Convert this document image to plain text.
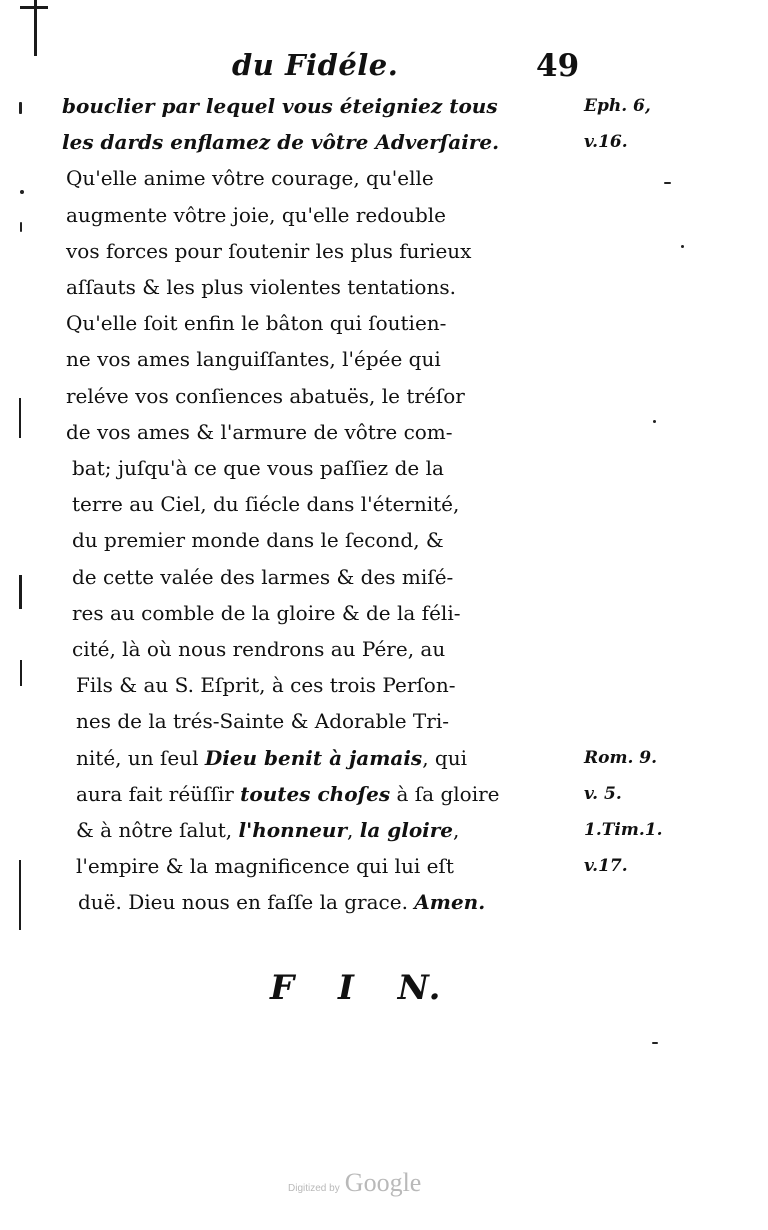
du Fidéle.	49
bouclier par lequel vous éteigniez tous
les dards enflamez de vôtre Adverſaire.
Qu'elle anime vôtre courage, qu'elle
augmente vôtre joie, qu'elle redouble
vos forces pour ſoutenir les plus furieux
aſſauts & les plus violentes tentations.
Qu'elle ſoit enfin le bâton qui ſoutien-
ne vos ames languiſſantes, l'épée qui
reléve vos conſiences abatuës, le tréſor
de vos ames & l'armure de vôtre com-
bat; juſqu'à ce que vous paſſiez de la
terre au Ciel, du ſiécle dans l'éternité,
du premier monde dans le ſecond, &
de cette valée des larmes & des miſé-
res au comble de la gloire & de la féli-
cité, là où nous rendrons au Pére, au
Fils & au S. Eſprit, à ces trois Perſon-
nes de la trés-Sainte & Adorable Tri-
nité, un ſeul Dieu benit à jamais, qui
aura fait réüſſir toutes choſes à ſa gloire
& à nôtre ſalut, l'honneur, la gloire,
l'empire & la magnificence qui lui eſt
duë. Dieu nous en faſſe la grace. Amen.
Eph. 6,
v.16.
Rom. 9.
v. 5.
1.Tim.1.
v.17.
F I N.
Digitized by Google
